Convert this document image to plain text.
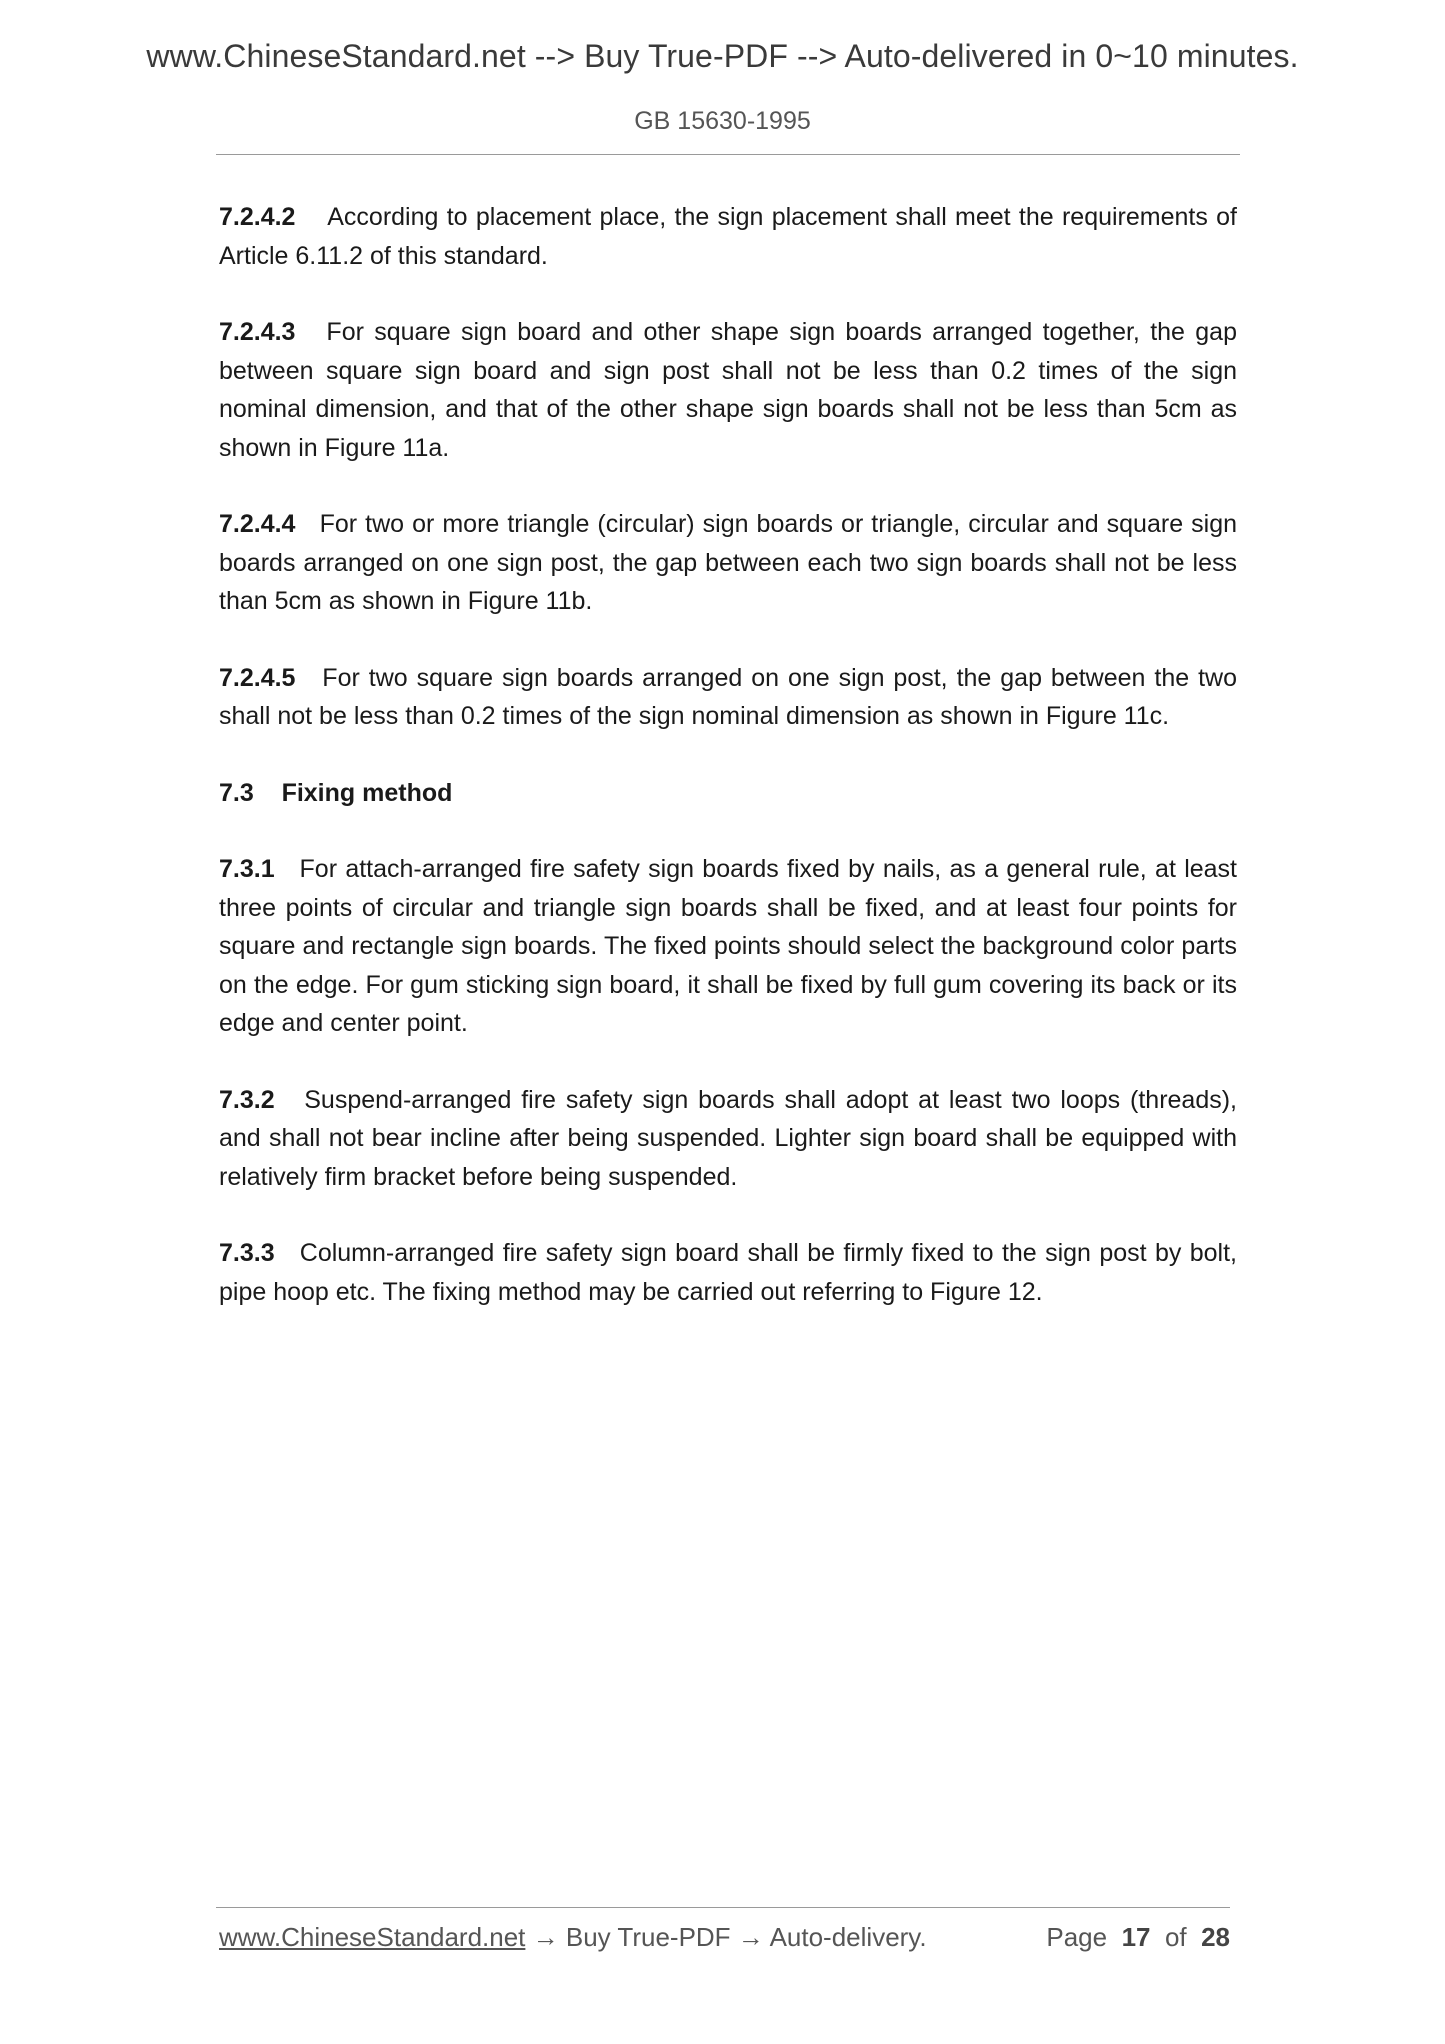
www.ChineseStandard.net --> Buy True-PDF --> Auto-delivered in 0~10 minutes.
GB 15630-1995

7.2.4.2 According to placement place, the sign placement shall meet the requirements of Article 6.11.2 of this standard.

7.2.4.3 For square sign board and other shape sign boards arranged together, the gap between square sign board and sign post shall not be less than 0.2 times of the sign nominal dimension, and that of the other shape sign boards shall not be less than 5cm as shown in Figure 11a.

7.2.4.4 For two or more triangle (circular) sign boards or triangle, circular and square sign boards arranged on one sign post, the gap between each two sign boards shall not be less than 5cm as shown in Figure 11b.

7.2.4.5 For two square sign boards arranged on one sign post, the gap between the two shall not be less than 0.2 times of the sign nominal dimension as shown in Figure 11c.

7.3 Fixing method

7.3.1 For attach-arranged fire safety sign boards fixed by nails, as a general rule, at least three points of circular and triangle sign boards shall be fixed, and at least four points for square and rectangle sign boards. The fixed points should select the background color parts on the edge. For gum sticking sign board, it shall be fixed by full gum covering its back or its edge and center point.

7.3.2 Suspend-arranged fire safety sign boards shall adopt at least two loops (threads), and shall not bear incline after being suspended. Lighter sign board shall be equipped with relatively firm bracket before being suspended.

7.3.3 Column-arranged fire safety sign board shall be firmly fixed to the sign post by bolt, pipe hoop etc. The fixing method may be carried out referring to Figure 12.

www.ChineseStandard.net → Buy True-PDF → Auto-delivery.	Page 17 of 28
